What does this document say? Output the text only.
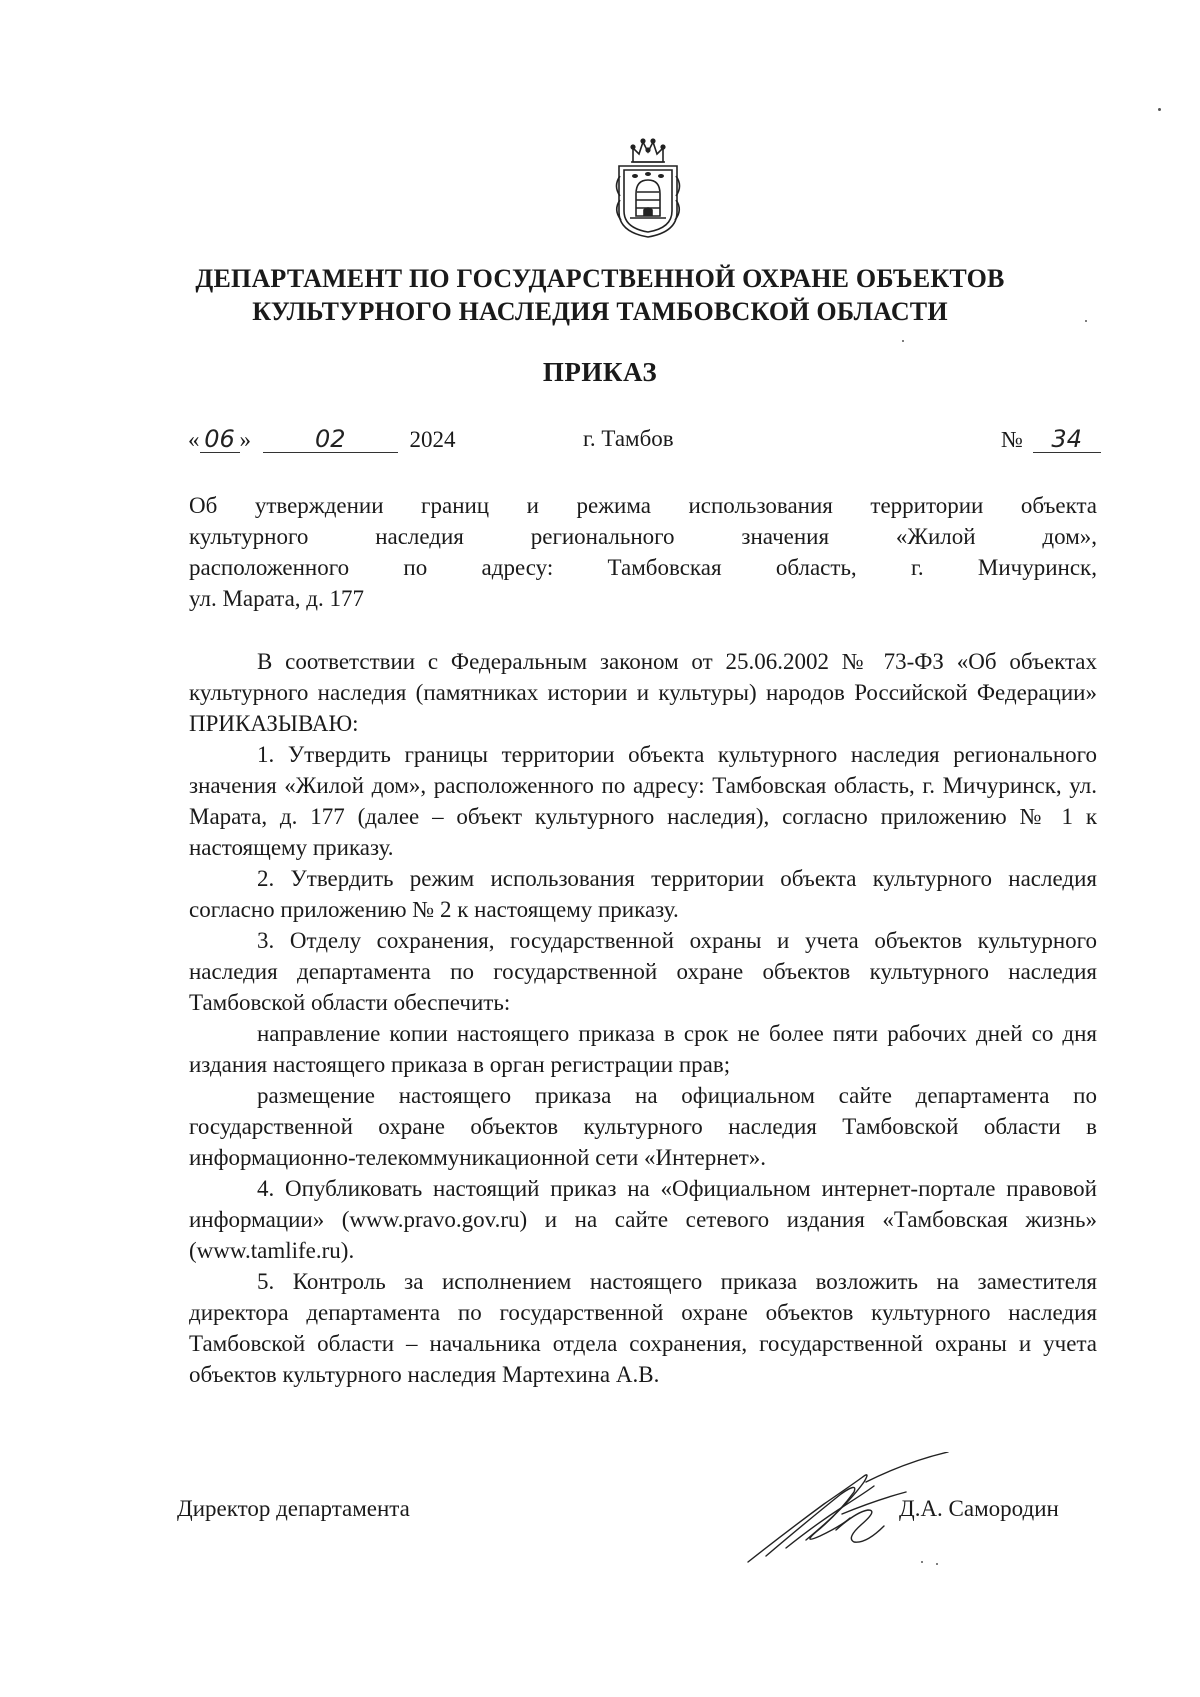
ДЕПАРТАМЕНТ ПО ГОСУДАРСТВЕННОЙ ОХРАНЕ ОБЪЕКТОВ
КУЛЬТУРНОГО НАСЛЕДИЯ ТАМБОВСКОЙ ОБЛАСТИ
ПРИКАЗ
« 06 »	02	2024	г. Тамбов	№ 34

Об утверждении границ и режима использования территории объекта

культурного наследия регионального значения «Жилой дом»,

расположенного по адресу: Тамбовская область, г. Мичуринск,

ул. Марата, д. 177

В соответствии с Федеральным законом от 25.06.2002 № 73-ФЗ «Об объектах культурного наследия (памятниках истории и культуры) народов Российской Федерации» ПРИКАЗЫВАЮ:

1. Утвердить границы территории объекта культурного наследия регионального значения «Жилой дом», расположенного по адресу: Тамбовская область, г. Мичуринск, ул. Марата, д. 177 (далее – объект культурного наследия), согласно приложению № 1 к настоящему приказу.

2. Утвердить режим использования территории объекта культурного наследия согласно приложению № 2 к настоящему приказу.

3. Отделу сохранения, государственной охраны и учета объектов культурного наследия департамента по государственной охране объектов культурного наследия Тамбовской области обеспечить:

направление копии настоящего приказа в срок не более пяти рабочих дней со дня издания настоящего приказа в орган регистрации прав;

размещение настоящего приказа на официальном сайте департамента по государственной охране объектов культурного наследия Тамбовской области в информационно-телекоммуникационной сети «Интернет».

4. Опубликовать настоящий приказ на «Официальном интернет-портале правовой информации» (www.pravo.gov.ru) и на сайте сетевого издания «Тамбовская жизнь» (www.tamlife.ru).

5. Контроль за исполнением настоящего приказа возложить на заместителя директора департамента по государственной охране объектов культурного наследия Тамбовской области – начальника отдела сохранения, государственной охраны и учета объектов культурного наследия Мартехина А.В.

Директор департамента	Д.А. Самородин
